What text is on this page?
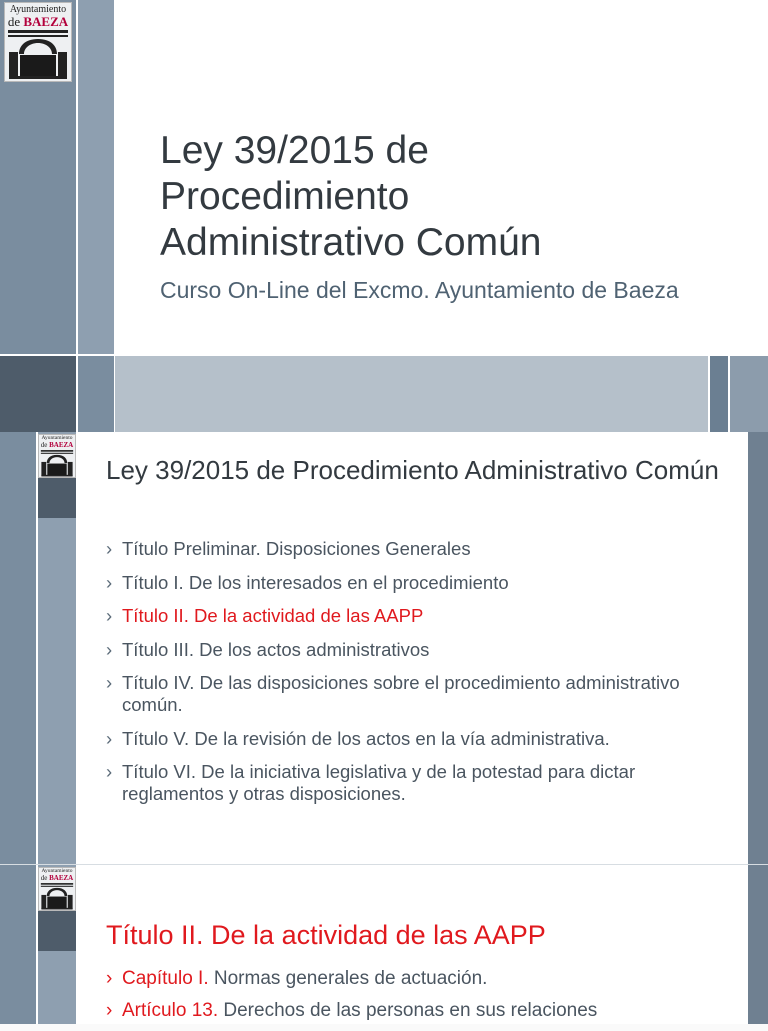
Ayuntamiento
de BAEZA
Ley 39/2015 de
Procedimiento
Administrativo Común
Curso On-Line del Excmo. Ayuntamiento de Baeza
Ayuntamiento
de BAEZA
Ley 39/2015 de Procedimiento Administrativo Común
› Título Preliminar. Disposiciones Generales
› Título I. De los interesados en el procedimiento
› Título II. De la actividad de las AAPP
› Título III. De los actos administrativos
› Título IV. De las disposiciones sobre el procedimiento administrativo común.
› Título V. De la revisión de los actos en la vía administrativa.
› Título VI. De la iniciativa legislativa y de la potestad para dictar reglamentos y otras disposiciones.
Ayuntamiento
de BAEZA
Título II. De la actividad de las AAPP
› Capítulo I. Normas generales de actuación.
› Artículo 13. Derechos de las personas en sus relaciones
